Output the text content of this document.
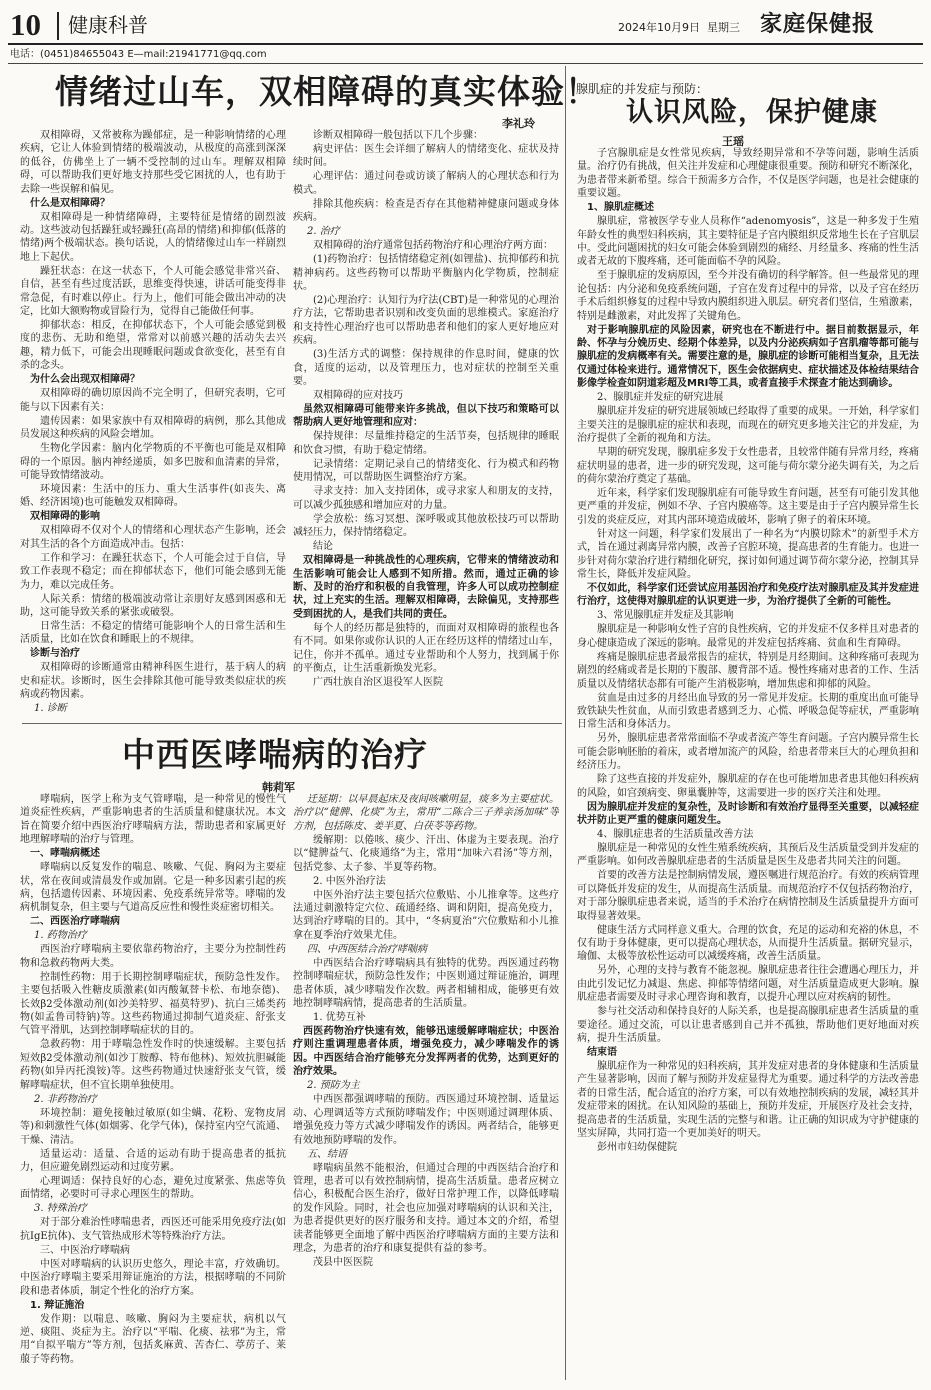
10 健康科普	2024年10月9日 星期三 家庭保健报
电话：(0451)84655043 E—mail:21941771@qq.com
情绪过山车，双相障碍的真实体验！
李礼玲

双相障碍，又常被称为躁郁症，是一种影响情绪的心理疾病，它让人体验到情绪的极端波动，从极度的高涨到深深的低谷，仿佛坐上了一辆不受控制的过山车。理解双相障碍，可以帮助我们更好地支持那些受它困扰的人，也有助于去除一些误解和偏见。

什么是双相障碍？

双相障碍是一种情绪障碍，主要特征是情绪的剧烈波动。这些波动包括躁狂或轻躁狂(高昂的情绪)和抑郁(低落的情绪)两个极端状态。换句话说，人的情绪像过山车一样剧烈地上下起伏。

躁狂状态：在这一状态下，个人可能会感觉非常兴奋、自信，甚至有些过度活跃，思维变得快速，讲话可能变得非常急促，有时难以停止。行为上，他们可能会做出冲动的决定，比如大额购物或冒险行为，觉得自己能做任何事。

抑郁状态：相反，在抑郁状态下，个人可能会感觉到极度的悲伤、无助和绝望，常常对以前感兴趣的活动失去兴趣，精力低下，可能会出现睡眠问题或食欲变化，甚至有自杀的念头。

为什么会出现双相障碍？

双相障碍的确切原因尚不完全明了，但研究表明，它可能与以下因素有关：

遗传因素：如果家族中有双相障碍的病例，那么其他成员发展这种疾病的风险会增加。

生物化学因素：脑内化学物质的不平衡也可能是双相障碍的一个原因。脑内神经递质，如多巴胺和血清素的异常，可能导致情绪波动。

环境因素：生活中的压力、重大生活事件(如丧失、离婚、经济困境)也可能触发双相障碍。

双相障碍的影响

双相障碍不仅对个人的情绪和心理状态产生影响，还会对其生活的各个方面造成冲击。包括：

工作和学习：在躁狂状态下，个人可能会过于自信，导致工作表现不稳定；而在抑郁状态下，他们可能会感到无能为力，难以完成任务。

人际关系：情绪的极端波动常让亲朋好友感到困惑和无助，这可能导致关系的紧张或破裂。

日常生活：不稳定的情绪可能影响个人的日常生活和生活质量，比如在饮食和睡眠上的不规律。

诊断与治疗

双相障碍的诊断通常由精神科医生进行，基于病人的病史和症状。诊断时，医生会排除其他可能导致类似症状的疾病或药物因素。

1. 诊断

诊断双相障碍一般包括以下几个步骤：

病史评估：医生会详细了解病人的情绪变化、症状及持续时间。

心理评估：通过问卷或访谈了解病人的心理状态和行为模式。

排除其他疾病：检查是否存在其他精神健康问题或身体疾病。

2. 治疗

双相障碍的治疗通常包括药物治疗和心理治疗两方面：

(1)药物治疗：包括情绪稳定剂(如锂盐)、抗抑郁药和抗精神病药。这些药物可以帮助平衡脑内化学物质，控制症状。

(2)心理治疗：认知行为疗法(CBT)是一种常见的心理治疗方法，它帮助患者识别和改变负面的思维模式。家庭治疗和支持性心理治疗也可以帮助患者和他们的家人更好地应对疾病。

(3)生活方式的调整：保持规律的作息时间，健康的饮食，适度的运动，以及管理压力，也对症状的控制至关重要。

双相障碍的应对技巧

虽然双相障碍可能带来许多挑战，但以下技巧和策略可以帮助病人更好地管理和应对：

保持规律：尽量维持稳定的生活节奏，包括规律的睡眠和饮食习惯，有助于稳定情绪。

记录情绪：定期记录自己的情绪变化、行为模式和药物使用情况，可以帮助医生调整治疗方案。

寻求支持：加入支持团体，或寻求家人和朋友的支持，可以减少孤独感和增加应对的力量。

学会放松：练习冥想、深呼吸或其他放松技巧可以帮助减轻压力，保持情绪稳定。

结论

双相障碍是一种挑战性的心理疾病，它带来的情绪波动和生活影响可能会让人感到不知所措。然而，通过正确的诊断、及时的治疗和积极的自我管理，许多人可以成功控制症状，过上充实的生活。理解双相障碍，去除偏见，支持那些受到困扰的人，是我们共同的责任。

每个人的经历都是独特的，而面对双相障碍的旅程也各有不同。如果你或你认识的人正在经历这样的情绪过山车，记住，你并不孤单。通过专业帮助和个人努力，找到属于你的平衡点，让生活重新焕发光彩。

广西壮族自治区退役军人医院

中西医哮喘病的治疗
韩莉军

哮喘病，医学上称为支气管哮喘，是一种常见的慢性气道炎症性疾病，严重影响患者的生活质量和健康状况。本文旨在简要介绍中西医治疗哮喘病方法，帮助患者和家属更好地理解哮喘的治疗与管理。

一、哮喘病概述

哮喘病以反复发作的喘息、咳嗽、气促、胸闷为主要症状，常在夜间或清晨发作或加剧。它是一种多因素引起的疾病，包括遗传因素、环境因素、免疫系统异常等。哮喘的发病机制复杂，但主要与气道高反应性和慢性炎症密切相关。

二、西医治疗哮喘病

1. 药物治疗

西医治疗哮喘病主要依靠药物治疗，主要分为控制性药物和急救药物两大类。

控制性药物：用于长期控制哮喘症状，预防急性发作。主要包括吸入性糖皮质激素(如丙酸氟替卡松、布地奈德)、长效β2受体激动剂(如沙美特罗、福莫特罗)、抗白三烯类药物(如孟鲁司特钠)等。这些药物通过抑制气道炎症、舒张支气管平滑肌，达到控制哮喘症状的目的。

急救药物：用于哮喘急性发作时的快速缓解。主要包括短效β2受体激动剂(如沙丁胺醇、特布他林)、短效抗胆碱能药物(如异丙托溴铵)等。这些药物通过快速舒张支气管，缓解哮喘症状，但不宜长期单独使用。

2. 非药物治疗

环境控制：避免接触过敏原(如尘螨、花粉、宠物皮屑等)和刺激性气体(如烟雾、化学气体)，保持室内空气流通、干燥、清洁。

适量运动：适量、合适的运动有助于提高患者的抵抗力，但应避免剧烈运动和过度劳累。

心理调适：保持良好的心态，避免过度紧张、焦虑等负面情绪，必要时可寻求心理医生的帮助。

3. 特殊治疗

对于部分难治性哮喘患者，西医还可能采用免疫疗法(如抗IgE抗体)、支气管热成形术等特殊治疗方法。

三、中医治疗哮喘病

中医对哮喘病的认识历史悠久，理论丰富，疗效确切。中医治疗哮喘主要采用辩证施治的方法，根据哮喘的不同阶段和患者体质，制定个性化的治疗方案。

1. 辩证施治

发作期：以喘息、咳嗽、胸闷为主要症状，病机以气逆、痰阻、炎症为主。治疗以“平喘、化痰、祛邪”为主，常用“自拟平喘方”等方剂，包括炙麻黄、苦杏仁、葶苈子、莱菔子等药物。

迁延期：以早晨起床及夜间咳嗽明显，痰多为主要症状。治疗以“健脾、化痰”为主，常用“二陈合三子养亲汤加味”等方剂，包括陈皮、姜半夏、白茯苓等药物。

缓解期：以倦咳、痰少、汗出、体虚为主要表现。治疗以“健脾益气、化痰通络”为主，常用“加味六君汤”等方剂，包括党参、太子参、半夏等药物。

2. 中医外治疗法

中医外治疗法主要包括穴位敷贴、小儿推拿等。这些疗法通过刺激特定穴位、疏通经络、调和阴阳，提高免疫力，达到治疗哮喘的目的。其中，“冬病夏治”穴位敷贴和小儿推拿在夏季治疗效果尤佳。

四、中西医结合治疗哮喘病

中西医结合治疗哮喘病具有独特的优势。西医通过药物控制哮喘症状，预防急性发作；中医则通过辩证施治，调理患者体质，减少哮喘发作次数。两者相辅相成，能够更有效地控制哮喘病情，提高患者的生活质量。

1. 优势互补

西医药物治疗快速有效，能够迅速缓解哮喘症状；中医治疗则注重调理患者体质，增强免疫力，减少哮喘发作的诱因。中西医结合治疗能够充分发挥两者的优势，达到更好的治疗效果。

2. 预防为主

中西医都强调哮喘的预防。西医通过环境控制、适量运动、心理调适等方式预防哮喘发作；中医则通过调理体质、增强免疫力等方式减少哮喘发作的诱因。两者结合，能够更有效地预防哮喘的发作。

五、结语

哮喘病虽然不能根治，但通过合理的中西医结合治疗和管理，患者可以有效控制病情，提高生活质量。患者应树立信心，积极配合医生治疗，做好日常护理工作，以降低哮喘的发作风险。同时，社会也应加强对哮喘病的认识和关注，为患者提供更好的医疗服务和支持。通过本文的介绍，希望读者能够更全面地了解中西医治疗哮喘病方面的主要方法和理念，为患者的治疗和康复提供有益的参考。

茂县中医医院

腺肌症的并发症与预防：
认识风险，保护健康
王瑶

子宫腺肌症是女性常见疾病，导致经期异常和不孕等问题，影响生活质量。治疗仍有挑战，但关注并发症和心理健康很重要。预防和研究不断深化，为患者带来新希望。综合干预需多方合作，不仅是医学问题，也是社会健康的重要议题。

1、腺肌症概述

腺肌症，常被医学专业人员称作“adenomyosis”，这是一种多发于生殖年龄女性的典型妇科疾病，其主要特征是子宫内膜组织反常地生长在子宫肌层中。受此问题困扰的妇女可能会体验到剧烈的痛经、月经量多、疼痛的性生活或者无故的下腹疼痛，还可能面临不孕的风险。

至于腺肌症的发病原因，至今并没有确切的科学解答。但一些最常见的理论包括：内分泌和免疫系统问题，子宫在发育过程中的异常，以及子宫在经历手术后组织修复的过程中导致内膜组织进入肌层。研究者们坚信，生殖激素，特别是雌激素，对此发挥了关键角色。

对于影响腺肌症的风险因素，研究也在不断进行中。据目前数据显示，年龄、怀孕与分娩历史、经期个体差异，以及内分泌疾病如子宫肌瘤等都可能与腺肌症的发病概率有关。需要注意的是，腺肌症的诊断可能相当复杂，且无法仅通过体检来进行。通常情况下，医生会依据病史、症状描述及体检结果结合影像学检查如阴道彩超及MRI等工具，或者直接手术探查才能达到确诊。

2、腺肌症并发症的研究进展

腺肌症并发症的研究进展领域已经取得了重要的成果。一开始，科学家们主要关注的是腺肌症的症状和表现，而现在的研究更多地关注它的并发症，为治疗提供了全新的视角和方法。

早期的研究发现，腺肌症多发于女性患者，且较常伴随有异常月经，疼痛症状明显的患者，进一步的研究发现，这可能与荷尔蒙分泌失调有关，为之后的荷尔蒙治疗奠定了基础。

近年来，科学家们发现腺肌症有可能导致生育问题，甚至有可能引发其他更严重的并发症，例如不孕、子宫内膜癌等。这主要是由于子宫内膜异常生长引发的炎症反应，对其内部环境造成破坏，影响了卵子的着床环境。

针对这一问题，科学家们发展出了一种名为“内膜切除术”的新型手术方式，旨在通过剥离异常内膜，改善子宫腔环境，提高患者的生育能力。也进一步针对荷尔蒙治疗进行精细化研究，探讨如何通过调节荷尔蒙分泌，控制其异常生长，降低并发症风险。

不仅如此，科学家们还尝试应用基因治疗和免疫疗法对腺肌症及其并发症进行治疗，这使得对腺肌症的认识更进一步，为治疗提供了全新的可能性。

3、常见腺肌症并发症及其影响

腺肌症是一种影响女性子宫的良性疾病，它的并发症不仅多样且对患者的身心健康造成了深远的影响。最常见的并发症包括疼痛、贫血和生育障碍。

疼痛是腺肌症患者最常报告的症状，特别是月经期间。这种疼痛可表现为剧烈的经痛或者是长期的下腹部、腰背部不适。慢性疼痛对患者的工作、生活质量以及情绪状态都有可能产生消极影响，增加焦虑和抑郁的风险。

贫血是由过多的月经出血导致的另一常见并发症。长期的重度出血可能导致铁缺失性贫血，从而引致患者感到乏力、心慌、呼吸急促等症状，严重影响日常生活和身体活力。

另外，腺肌症患者常常面临不孕或者流产等生育问题。子宫内膜异常生长可能会影响胚胎的着床，或者增加流产的风险，给患者带来巨大的心理负担和经济压力。

除了这些直接的并发症外，腺肌症的存在也可能增加患者患其他妇科疾病的风险，如宫颈病变、卵巢囊肿等，这需要进一步的医疗关注和处理。

因为腺肌症并发症的复杂性，及时诊断和有效治疗显得至关重要，以减轻症状并防止更严重的健康问题发生。

4、腺肌症患者的生活质量改善方法

腺肌症是一种常见的女性生殖系统疾病，其预后及生活质量受到并发症的严重影响。如何改善腺肌症患者的生活质量是医生及患者共同关注的问题。

首要的改善方法是控制病情发展，遵医嘱进行规范治疗。有效的疾病管理可以降低并发症的发生，从而提高生活质量。而规范治疗不仅包括药物治疗，对于部分腺肌症患者来说，适当的手术治疗在病情控制及生活质量提升方面可取得显著效果。

健康生活方式同样意义重大。合理的饮食，充足的运动和充裕的休息，不仅有助于身体健康，更可以提高心理状态，从而提升生活质量。据研究显示，瑜伽、太极等放松性运动可以减缓疼痛，改善生活质量。

另外，心理的支持与教育不能忽视。腺肌症患者往往会遭遇心理压力，并由此引发记忆力减退、焦虑、抑郁等情绪问题，对生活质量造成更大影响。腺肌症患者需要及时寻求心理咨询和教育，以提升心理以应对疾病的韧性。

参与社交活动和保持良好的人际关系，也是提高腺肌症患者生活质量的重要途径。通过交流，可以让患者感到自己并不孤独，帮助他们更好地面对疾病，提升生活质量。

结束语

腺肌症作为一种常见的妇科疾病，其并发症对患者的身体健康和生活质量产生显著影响，因而了解与预防并发症显得尤为重要。通过科学的方法改善患者的日常生活，配合适宜的治疗方案，可以有效地控制疾病的发展，减轻其并发症带来的困扰。在认知风险的基础上，预防并发症，开展医疗及社会支持，提高患者的生活质量，实现生活的完整与和谐。让正确的知识成为守护健康的坚实屏障，共同打造一个更加美好的明天。

彭州市妇幼保健院
